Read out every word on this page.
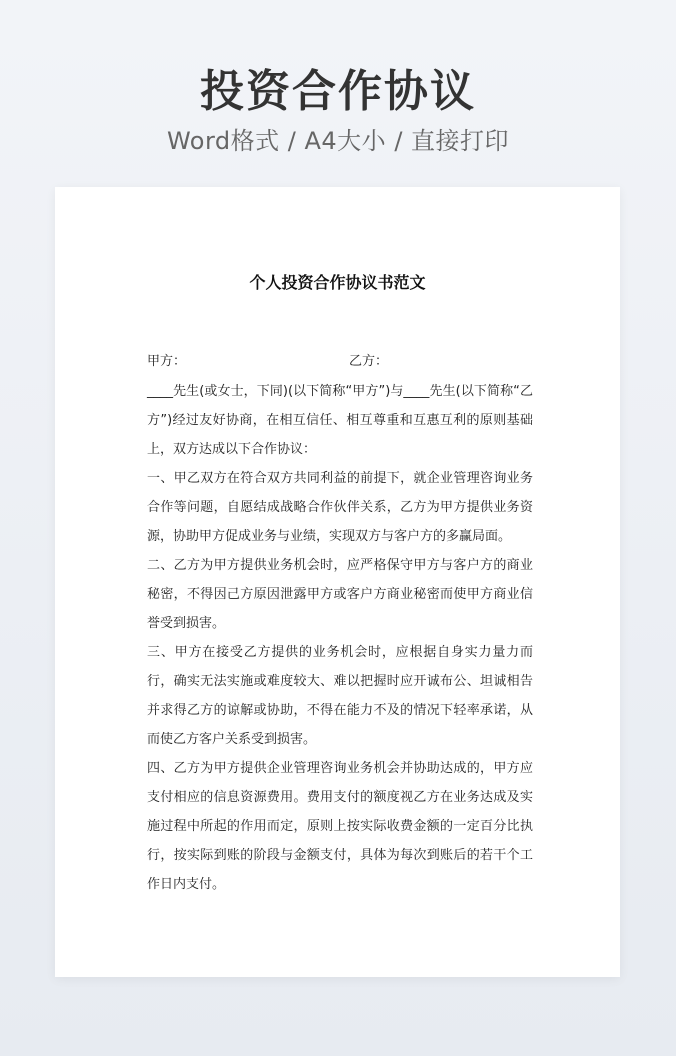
投资合作协议
Word格式 / A4大小 / 直接打印
个人投资合作协议书范文
甲方：	乙方：

____先生(或女士，下同)(以下简称“甲方”)与____先生(以下简称“乙方”)经过友好协商，在相互信任、相互尊重和互惠互利的原则基础上，双方达成以下合作协议：

一、甲乙双方在符合双方共同利益的前提下，就企业管理咨询业务合作等问题，自愿结成战略合作伙伴关系，乙方为甲方提供业务资源，协助甲方促成业务与业绩，实现双方与客户方的多赢局面。

二、乙方为甲方提供业务机会时，应严格保守甲方与客户方的商业秘密，不得因己方原因泄露甲方或客户方商业秘密而使甲方商业信誉受到损害。

三、甲方在接受乙方提供的业务机会时，应根据自身实力量力而行，确实无法实施或难度较大、难以把握时应开诚布公、坦诚相告并求得乙方的谅解或协助，不得在能力不及的情况下轻率承诺，从而使乙方客户关系受到损害。

四、乙方为甲方提供企业管理咨询业务机会并协助达成的，甲方应支付相应的信息资源费用。费用支付的额度视乙方在业务达成及实施过程中所起的作用而定，原则上按实际收费金额的一定百分比执行，按实际到账的阶段与金额支付，具体为每次到账后的若干个工作日内支付。
